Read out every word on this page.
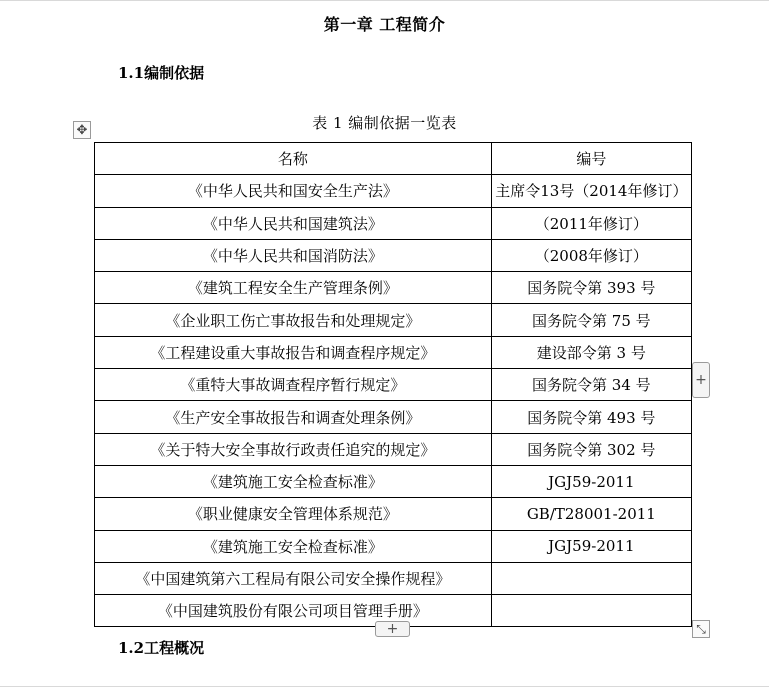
第一章 工程简介
1.1编制依据
表 1 编制依据一览表
✥
名称	编号
《中华人民共和国安全生产法》	主席令13号（2014年修订）
《中华人民共和国建筑法》	（2011年修订）
《中华人民共和国消防法》	（2008年修订）
《建筑工程安全生产管理条例》	国务院令第 393 号
《企业职工伤亡事故报告和处理规定》	国务院令第 75 号
《工程建设重大事故报告和调查程序规定》	建设部令第 3 号
《重特大事故调查程序暂行规定》	国务院令第 34 号
《生产安全事故报告和调查处理条例》	国务院令第 493 号
《关于特大安全事故行政责任追究的规定》	国务院令第 302 号
《建筑施工安全检查标准》	JGJ59-2011
《职业健康安全管理体系规范》	GB/T28001-2011
《建筑施工安全检查标准》	JGJ59-2011
《中国建筑第六工程局有限公司安全操作规程》	
《中国建筑股份有限公司项目管理手册》	
+
+	⤡
1.2工程概况
